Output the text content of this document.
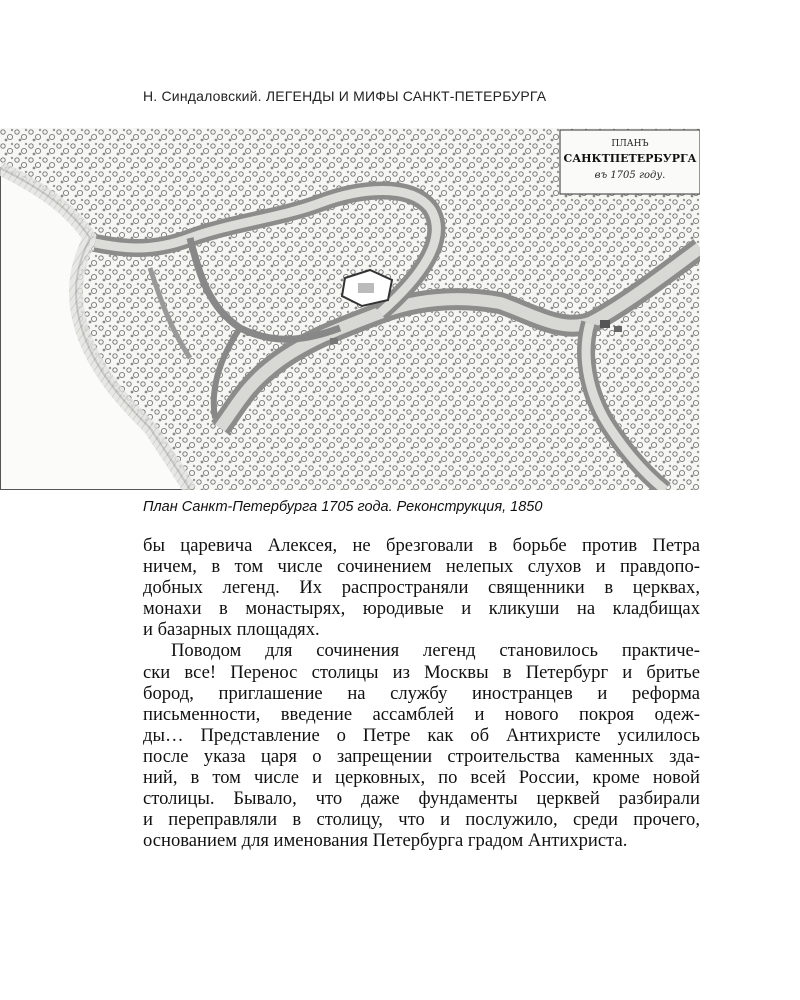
Н. Синдаловский. ЛЕГЕНДЫ И МИФЫ САНКТ-ПЕТЕРБУРГА
ПЛАНЪ
САНКТПЕТЕРБУРГА
въ 1705 году.
План Санкт-Петербурга 1705 года. Реконструкция, 1850

бы царевича Алексея, не брезговали в борьбе против Петра
ничем, в том числе сочинением нелепых слухов и правдопо-
добных легенд. Их распространяли священники в церквах,
монахи в монастырях, юродивые и кликуши на кладбищах
и базарных площадях.

Поводом для сочинения легенд становилось практиче-
ски все! Перенос столицы из Москвы в Петербург и бритье
бород, приглашение на службу иностранцев и реформа
письменности, введение ассамблей и нового покроя одеж-
ды… Представление о Петре как об Антихристе усилилось
после указа царя о запрещении строительства каменных зда-
ний, в том числе и церковных, по всей России, кроме новой
столицы. Бывало, что даже фундаменты церквей разбирали
и переправляли в столицу, что и послужило, среди прочего,
основанием для именования Петербурга градом Антихриста.
